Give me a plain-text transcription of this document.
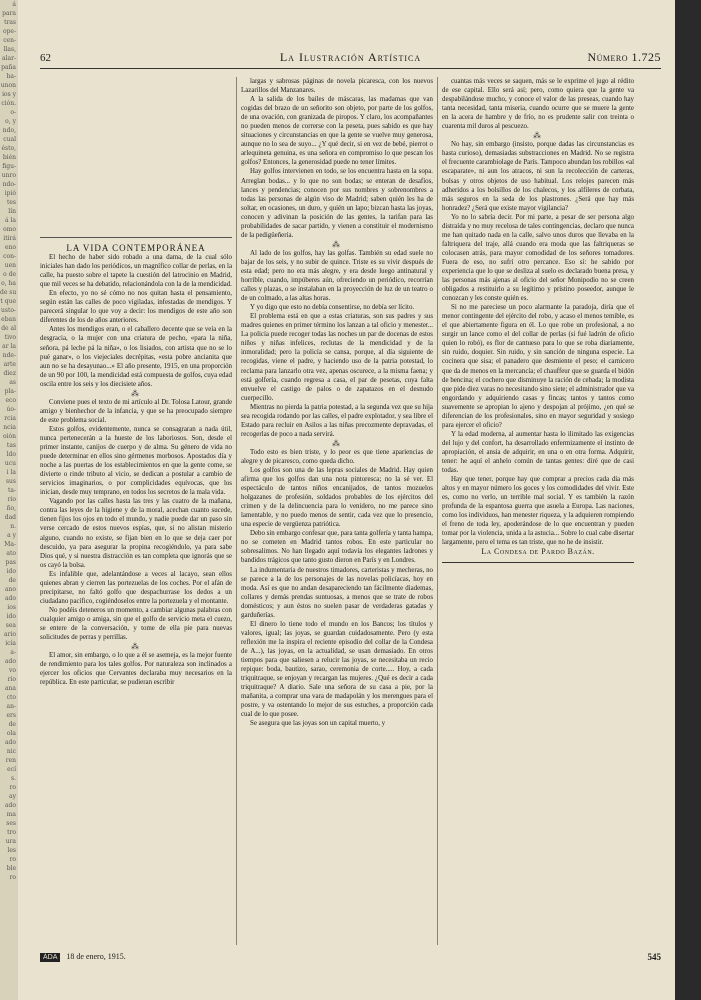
á
para
tras
ope-
cen-
llas,
alar-
paña
ha-
unon
ios y
ción.
o-
o, y
ndo,
cual
ésto,
bién
figu-
unro
ndo-
ipió
tes
lín
á la
omo
itirá
eno
con-
uen
o de
o, ha
de su
t que
usto-
eban
de al
tivo
ar la
nde-
arte
diez
as
pla-
eco
úo-
rcia
ncia
oión
tas
ldo
ucu
i la
sus
ta-
rio
ño,
dad
n.
a y
Ma-
ato
pas
ido
de
ano
ado
ios
ido
sea
ario
icía
a-
ado
vo
rio
ana
cto
an-
ers
de
ola
ado
nic
ren
ecí
s.
ro
ay
ado
ma
ses
tro
ura
les
ro
ble
ro
62	La Ilustración Artística	Número 1.725

LA VIDA CONTEMPORÁNEA

El hecho de haber sido robado a una dama, de la cual sólo iniciales han dado los periódicos, un magnífico collar de perlas, en la calle, ha puesto sobre el tapete la cuestión del latrocinio en Madrid, que mil veces se ha debatido, relacionándola con la de la mendicidad.

En efecto, yo no sé cómo no nos quitan hasta el pensamiento, según están las calles de poco vigiladas, infestadas de mendigos. Y parecerá singular lo que voy a decir: los mendigos de este año son diferentes de los de años anteriores.

Antes los mendigos eran, o el caballero decente que se veía en la desgracia, o la mujer con una criatura de pecho, «para la niña, señora, pá leche pá la niña», o los lisiados, con artista que no se lo pué ganar», o los viejeciales decrépitas, «esta pobre ancianita que aun no se ha desayunao...» El año presente, 1915, en una proporción de un 90 por 100, la mendicidad está compuesta de golfos, cuya edad oscila entre los seis y los diecisiete años.

⁂

Conviene pues el texto de mi artículo al Dr. Tolosa Latour, grande amigo y bienhechor de la infancia, y que se ha preocupado siempre de este problema social.

Estos golfos, evidentemente, nunca se consagraran a nada útil, nunca pertenecerán a la hueste de los laboriosos. Son, desde el primer instante, canijos de cuerpo y de alma. Su género de vida no puede determinar en ellos sino gérmenes morbosos. Apostados día y noche a las puertas de los establecimientos en que la gente come, se divierte o rinde tributo al vicio, se dedican a postular a cambio de servicios imaginarios, o por complicidades equívocas, que los inician, desde muy temprano, en todos los secretos de la mala vida.

Vagando por las calles hasta las tres y las cuatro de la mañana, contra las leyes de la higiene y de la moral, acechan cuanto sucede, tienen fijos los ojos en todo el mundo, y nadie puede dar un paso sin verse cercado de estos nuevos espías, que, si no alistan misterio alguno, cuando no existe, se fijan bien en lo que se deja caer por descuido, ya para asegurar la propina recogiéndolo, ya para sabe Dios qué, y si nuestra distracción es tan completa que ignorás que se os cayó la bolsa.

Es infalible que, adelantándose a veces al lacayo, sean ellos quienes abran y cierren las portezuelas de los coches. Por el afán de precipitarse, no faltó golfo que despachurrase los dedos a un ciudadano pacífico, cogiéndoselos entre la portezuela y el montante.

No podéis deteneros un momento, a cambiar algunas palabras con cualquier amigo o amiga, sin que el golfo de servicio meta el cuezo, se entere de la conversación, y tome de ella pie para nuevas solicitudes de perras y perrillas.

⁂

El amor, sin embargo, o lo que a él se asemeja, es la mejor fuente de rendimiento para los tales golfos. Por naturaleza son inclinados a ejercer los oficios que Cervantes declaraba muy necesarios en la república. En este particular, se pudieran escribir

largas y sabrosas páginas de novela picaresca, con los nuevos Lazarillos del Manzanares.

A la salida de los bailes de máscaras, las madamas que van cogidas del brazo de un señorito son objeto, por parte de los golfos, de una ovación, con granizada de piropos. Y claro, los acompañantes no pueden menos de correrse con la peseta, pues sabido es que hay situaciones y circunstancias en que la gente se vuelve muy generosa, aunque no lo sea de suyo... ¿Y qué decir, si en vez de bebé, pierrot o arlequineta genuina, es una señora en compromiso lo que pescan los golfos? Entonces, la generosidad puede no tener límites.

Hay golfos intervienen en todo, se los encuentra hasta en la sopa. Arreglan bodas... y lo que no son bodas; se enteran de desafíos, lances y pendencias; conocen por sus nombres y sobrenombres a todas las personas de algún viso de Madrid; saben quién les ha de soltar, en ocasiones, un duro, y quién un lapo; bizcan hasta las joyas, conocen y adivinan la posición de las gentes, la tarifan para las probabilidades de sacar partido, y vienen a constituir el modernismo de la pedigüeñería.

⁂

Al lado de los golfos, hay las golfas. También su edad suele no bajar de los seis, y no subir de quince. Triste es su vivir después de esta edad; pero no era más alegre, y era desde luego antinatural y horrible, cuando, impúberes aún, ofreciendo un periódico, recorrían calles y plazas, o se instalaban en la proyección de luz de un teatro o de un colmado, a las altas horas.

Y yo digo que esto no debía consentirse, no debía ser lícito.

El problema está en que a estas criaturas, son sus padres y sus madres quienes en primer término los lanzan a tal oficio y menester... La policía puede recoger todas las noches un par de docenas de estos niños y niñas infelices, reclutas de la mendicidad y de la inmoralidad; pero la policía se cansa, porque, al día siguiente de recogidas, viene el padre, y haciendo uso de la patria potestad, lo reclama para lanzarlo otra vez, apenas oscurece, a la misma faena; y está golfería, cuando regresa a casa, el par de pesetas, cuya falta envuelve el castigo de palos o de zapatazos en el desnudo cuerpecillo.

Mientras no pierda la patria potestad, a la segunda vez que su hija sea recogida rodando por las calles, el padre explotador, y sea libre el Estado para recluir en Asilos a las niñas precozmente depravadas, el recogerlas de poco a nada servirá.

⁂

Todo esto es bien triste, y lo peor es que tiene apariencias de alegre y de picaresco, como queda dicho.

Los golfos son una de las lepras sociales de Madrid. Hay quien afirma que los golfos dan una nota pintoresca; no la sé ver. El espectáculo de tantos niños encanijados, de tantos mozuelos holgazanes de profesión, soldados probables de los ejércitos del crimen y de la delincuencia para lo venidero, no me parece sino lamentable, y no puedo menos de sentir, cada vez que lo presencio, una especie de vergüenza patriótica.

Debo sin embargo confesar que, para tanta golfería y tanta hampa, no se cometen en Madrid tantos robos. En este particular no sobresalimos. No han llegado aquí todavía los elegantes ladrones y bandidos trágicos que tanto gusto dieron en París y en Londres.

La indumentaria de nuestros timadores, carteristas y mecheras, no se parece a la de los personajes de las novelas policíacas, hoy en moda. Así es que no andan desapareciendo tan fácilmente diademas, collares y demás prendas suntuosas, a menos que se trate de robos domésticos; y aun éstos no suelen pasar de verdaderas gatadas y garduñerías.

El dinero lo tiene todo el mundo en los Bancos; los títulos y valores, igual; las joyas, se guardan cuidadosamente. Pero (y esta reflexión me la inspira el reciente episodio del collar de la Condesa de A...), las joyas, en la actualidad, se usan demasiado. En otros tiempos para que saliesen a relucir las joyas, se necesitaba un recio repique: boda, bautizo, sarao, ceremonia de corte..... Hoy, a cada triquitraque, se enjoyan y recargan las mujeres. ¿Qué es decir a cada triquitraque? A diario. Sale una señora de su casa a pie, por la mañanita, a comprar una vara de madapolán y los merengues para el postre, y va ostentando lo mejor de sus estuches, a proporción cada cual de lo que posee.

Se asegura que las joyas son un capital muerto, y

cuantas más veces se saquen, más se le exprime el jugo al rédito de ese capital. Ello será así; pero, como quiera que la gente va despabilándose mucho, y conoce el valor de las preseas, cuando hay tanta necesidad, tanta miseria, cuando ocurre que se muere la gente en la acera de hambre y de frío, no es prudente salir con treinta o cuarenta mil duros al pescuezo.

⁂

No hay, sin embargo (insisto, porque dadas las circunstancias es hasta curioso), demasiadas substracciones en Madrid. No se registra el frecuente carambiolage de París. Tampoco abundan los robillos «al escaparate», ni aun los atracos, ni sun la recolección de carteras, bolsas y otros objetos de uso habitual. Los relojes parecen más adheridos a los bolsillos de los chalecos, y los alfileres de corbata, más seguros en la seda de los plastrones. ¿Será que hay más honradez? ¿Será que existe mayor vigilancia?

Yo no lo sabría decir. Por mi parte, a pesar de ser persona algo distraída y no muy recelosa de tales contingencias, declaro que nunca me han quitado nada en la calle, salvo unos duros que llevaba en la faltriquera del traje, allá cuando era moda que las faltriqueras se colocasen atrás, para mayor comodidad de los señores tomadores. Fuera de eso, no sufrí otro percance. Eso sí: he sabido por experiencia que lo que se desliza al suelo es declarado buena presa, y las personas más ajenas al oficio del señor Monipodio no se creen obligados a restituirlo a su legítimo y prístino poseedor, aunque le conozcan y les conste quién es.

Si no me pareciese un poco alarmante la paradoja, diría que el menor contingente del ejército del robo, y acaso el menos temible, es el que abiertamente figura en él. Lo que robe un profesional, a no surgir un lance como el del collar de perlas (si fué ladrón de oficio quien lo robó), es flor de cantueso para lo que se roba diariamente, sin ruido, doquier. Sin ruido, y sin sanción de ninguna especie. La cocinera que sisa; el panadero que desmiente el peso; el carnicero que da de menos en la mercancía; el chauffeur que se guarda el bidón de bencina; el cochero que disminuye la ración de cebada; la modista que pide diez varas no necesitando sino siete; el administrador que va engordando y adquiriendo casas y fincas; tantos y tantos como suavemente se apropian lo ajeno y despojan al prójimo, ¿en qué se diferencian de los profesionales, sino en mayor seguridad y sosiego para ejercer el oficio?

Y la edad moderna, al aumentar hasta lo ilimitado las exigencias del lujo y del confort, ha desarrollado enfermizamente el instinto de apropiación, el ansia de adquirir, en una o en otra forma. Adquirir, tener: he aquí el anhelo común de tantas gentes: diré que de casi todas.

Hay que tener, porque hay que comprar a precios cada día más altos y en mayor número los goces y los comodidades del vivir. Este es, como no verlo, un terrible mal social. Y es también la razón profunda de la espantosa guerra que asuela a Europa. Las naciones, como los individuos, han menester riqueza, y la adquieren rompiendo el freno de toda ley, apoderándose de lo que encuentran y pueden tomar por la violencia, unida a la astucia... Sobre lo cual cabe disertar largamente, pero el tema es tan triste, que no he de insistir.

La Condesa de Pardo Bazán.

ÁDA 18 de enero, 1915.	545
